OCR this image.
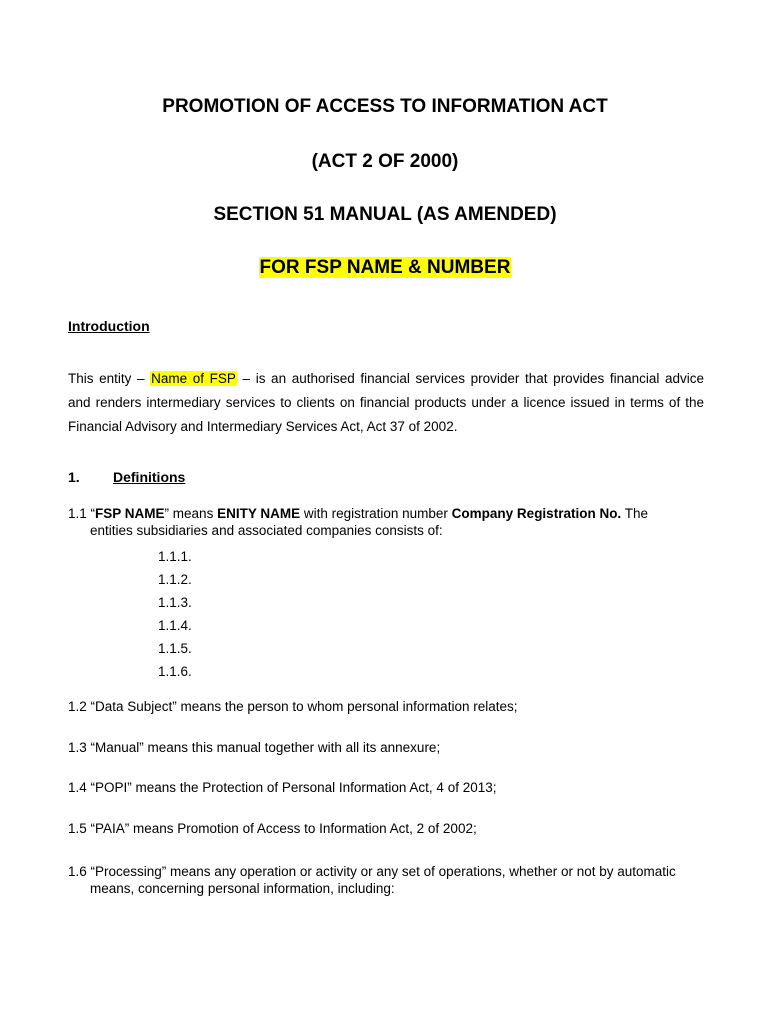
PROMOTION OF ACCESS TO INFORMATION ACT
(ACT 2 OF 2000)
SECTION 51 MANUAL (AS AMENDED)
FOR FSP NAME & NUMBER
Introduction

This entity – Name of FSP – is an authorised financial services provider that provides financial advice
and renders intermediary services to clients on financial products under a licence issued in terms of the
Financial Advisory and Intermediary Services Act, Act 37 of 2002.

1. Definitions

1.1 “FSP NAME” means ENITY NAME with registration number Company Registration No. The
entities subsidiaries and associated companies consists of:

1.1.1.
1.1.2.
1.1.3.
1.1.4.
1.1.5.
1.1.6.

1.2 “Data Subject” means the person to whom personal information relates;

1.3 “Manual” means this manual together with all its annexure;

1.4 “POPI” means the Protection of Personal Information Act, 4 of 2013;

1.5 “PAIA” means Promotion of Access to Information Act, 2 of 2002;

1.6 “Processing” means any operation or activity or any set of operations, whether or not by automatic
means, concerning personal information, including:
